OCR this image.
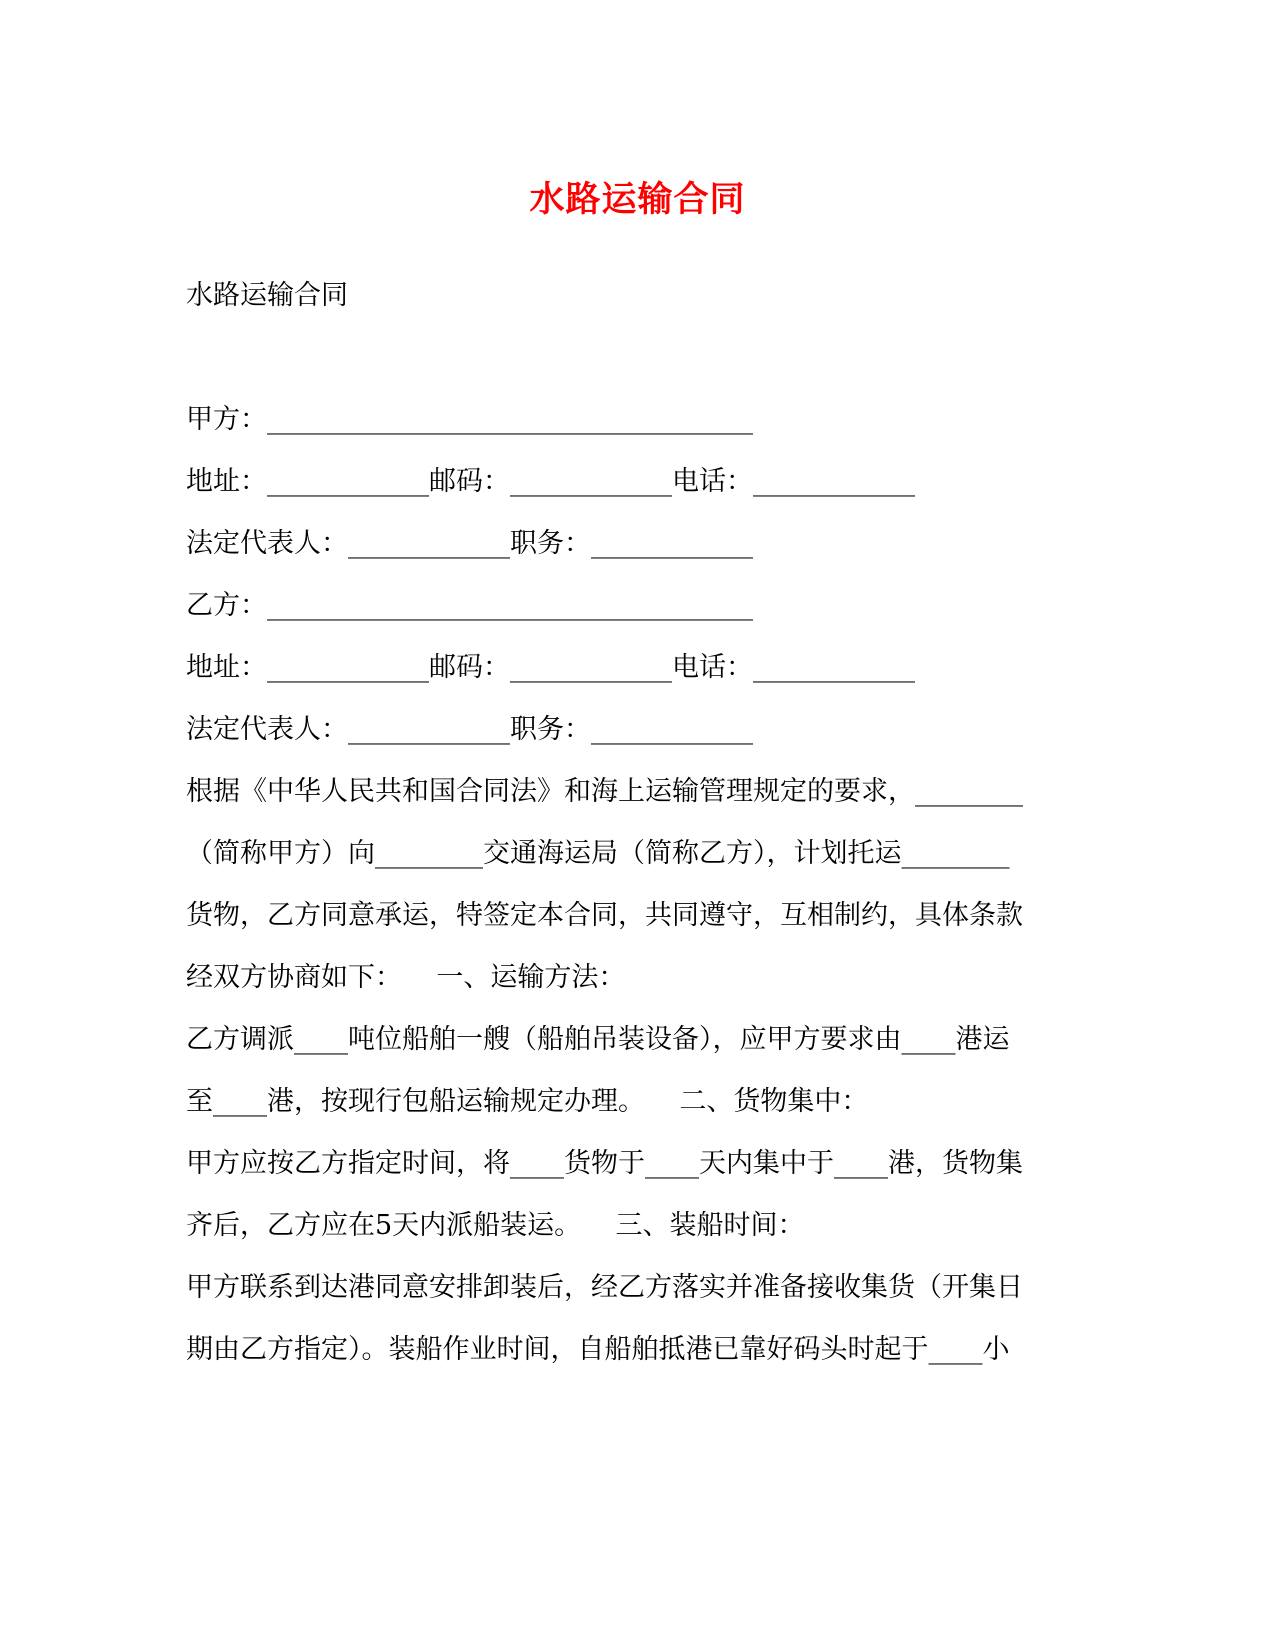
水路运输合同
水路运输合同
甲方：____________________________________
地址：____________邮码：____________电话：____________
法定代表人：____________职务：____________
乙方：____________________________________
地址：____________邮码：____________电话：____________
法定代表人：____________职务：____________
根据《中华人民共和国合同法》和海上运输管理规定的要求，________
（简称甲方）向________交通海运局（简称乙方），计划托运________
货物，乙方同意承运，特签定本合同，共同遵守，互相制约，具体条款
经双方协商如下：    一、运输方法：
乙方调派____吨位船舶一艘（船舶吊装设备），应甲方要求由____港运
至____港，按现行包船运输规定办理。    二、货物集中：
甲方应按乙方指定时间，将____货物于____天内集中于____港，货物集
齐后，乙方应在5天内派船装运。    三、装船时间：
甲方联系到达港同意安排卸装后，经乙方落实并准备接收集货（开集日
期由乙方指定）。装船作业时间，自船舶抵港已靠好码头时起于____小
